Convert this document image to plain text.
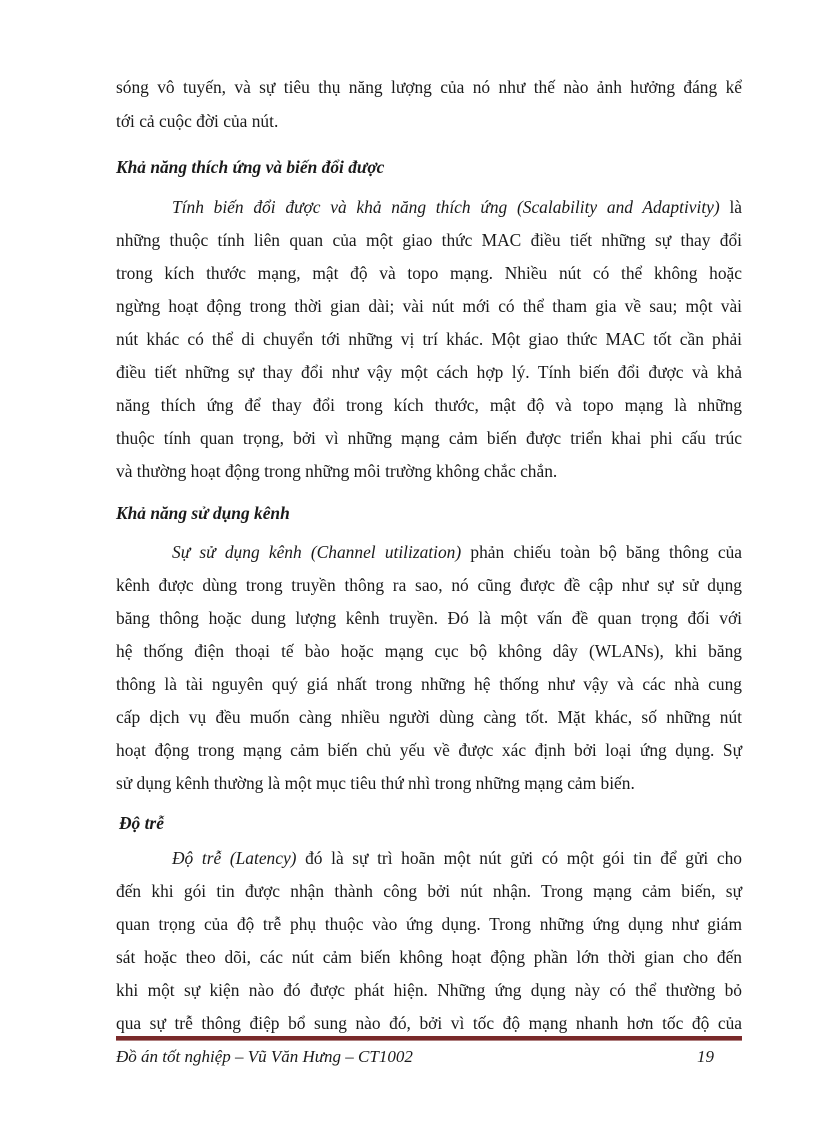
sóng vô tuyến, và sự tiêu thụ năng lượng của nó như thế nào ảnh hưởng đáng kể
tới cả cuộc đời của nút.
Khả năng thích ứng và biến đổi được
Tính biến đổi được và khả năng thích ứng (Scalability and Adaptivity) là
những thuộc tính liên quan của một giao thức MAC điều tiết những sự thay đổi
trong kích thước mạng, mật độ và topo mạng. Nhiều nút có thể không hoặc
ngừng hoạt động trong thời gian dài; vài nút mới có thể tham gia về sau; một vài
nút khác có thể di chuyển tới những vị trí khác. Một giao thức MAC tốt cần phải
điều tiết những sự thay đổi như vậy một cách hợp lý. Tính biến đổi được và khả
năng thích ứng để thay đổi trong kích thước, mật độ và topo mạng là những
thuộc tính quan trọng, bởi vì những mạng cảm biến được triển khai phi cấu trúc
và thường hoạt động trong những môi trường không chắc chắn.
Khả năng sử dụng kênh
Sự sử dụng kênh (Channel utilization) phản chiếu toàn bộ băng thông của
kênh được dùng trong truyền thông ra sao, nó cũng được đề cập như sự sử dụng
băng thông hoặc dung lượng kênh truyền. Đó là một vấn đề quan trọng đối với
hệ thống điện thoại tế bào hoặc mạng cục bộ không dây (WLANs), khi băng
thông là tài nguyên quý giá nhất trong những hệ thống như vậy và các nhà cung
cấp dịch vụ đều muốn càng nhiều người dùng càng tốt. Mặt khác, số những nút
hoạt động trong mạng cảm biến chủ yếu về được xác định bởi loại ứng dụng. Sự
sử dụng kênh thường là một mục tiêu thứ nhì trong những mạng cảm biến.
Độ trễ
Độ trễ (Latency) đó là sự trì hoãn một nút gửi có một gói tin để gửi cho
đến khi gói tin được nhận thành công bởi nút nhận. Trong mạng cảm biến, sự
quan trọng của độ trễ phụ thuộc vào ứng dụng. Trong những ứng dụng như giám
sát hoặc theo dõi, các nút cảm biến không hoạt động phần lớn thời gian cho đến
khi một sự kiện nào đó được phát hiện. Những ứng dụng này có thể thường bỏ
qua sự trễ thông điệp bổ sung nào đó, bởi vì tốc độ mạng nhanh hơn tốc độ của
Đồ án tốt nghiệp – Vũ Văn Hưng – CT1002	19
